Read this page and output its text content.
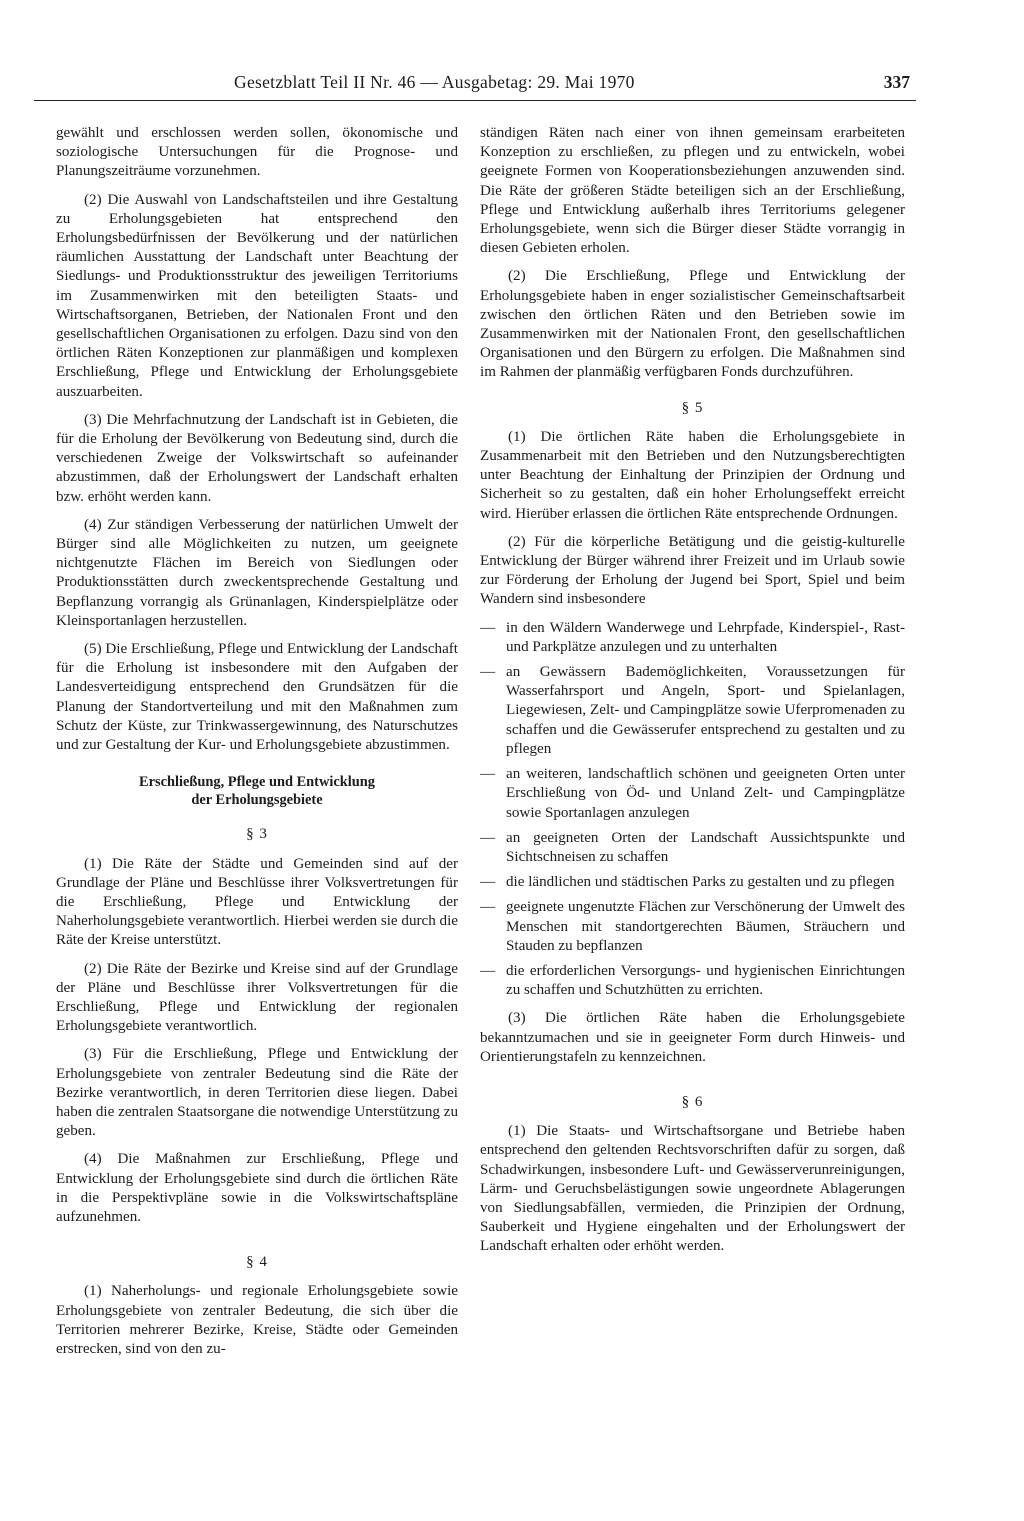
Gesetzblatt Teil II Nr. 46 — Ausgabetag: 29. Mai 1970	337

gewählt und erschlossen werden sollen, ökonomische und soziologische Untersuchungen für die Prognose- und Planungszeiträume vorzunehmen.

(2) Die Auswahl von Landschaftsteilen und ihre Gestaltung zu Erholungsgebieten hat entsprechend den Erholungsbedürfnissen der Bevölkerung und der natürlichen räumlichen Ausstattung der Landschaft unter Beachtung der Siedlungs- und Produktionsstruktur des jeweiligen Territoriums im Zusammenwirken mit den beteiligten Staats- und Wirtschaftsorganen, Betrieben, der Nationalen Front und den gesellschaftlichen Organisationen zu erfolgen. Dazu sind von den örtlichen Räten Konzeptionen zur planmäßigen und komplexen Erschließung, Pflege und Entwicklung der Erholungsgebiete auszuarbeiten.

(3) Die Mehrfachnutzung der Landschaft ist in Gebieten, die für die Erholung der Bevölkerung von Bedeutung sind, durch die verschiedenen Zweige der Volkswirtschaft so aufeinander abzustimmen, daß der Erholungswert der Landschaft erhalten bzw. erhöht werden kann.

(4) Zur ständigen Verbesserung der natürlichen Umwelt der Bürger sind alle Möglichkeiten zu nutzen, um geeignete nichtgenutzte Flächen im Bereich von Siedlungen oder Produktionsstätten durch zweckentsprechende Gestaltung und Bepflanzung vorrangig als Grünanlagen, Kinderspielplätze oder Kleinsportanlagen herzustellen.

(5) Die Erschließung, Pflege und Entwicklung der Landschaft für die Erholung ist insbesondere mit den Aufgaben der Landesverteidigung entsprechend den Grundsätzen für die Planung der Standortverteilung und mit den Maßnahmen zum Schutz der Küste, zur Trinkwassergewinnung, des Naturschutzes und zur Gestaltung der Kur- und Erholungsgebiete abzustimmen.

Erschließung, Pflege und Entwicklung
der Erholungsgebiete
§ 3

(1) Die Räte der Städte und Gemeinden sind auf der Grundlage der Pläne und Beschlüsse ihrer Volksvertretungen für die Erschließung, Pflege und Entwicklung der Naherholungsgebiete verantwortlich. Hierbei werden sie durch die Räte der Kreise unterstützt.

(2) Die Räte der Bezirke und Kreise sind auf der Grundlage der Pläne und Beschlüsse ihrer Volksvertretungen für die Erschließung, Pflege und Entwicklung der regionalen Erholungsgebiete verantwortlich.

(3) Für die Erschließung, Pflege und Entwicklung der Erholungsgebiete von zentraler Bedeutung sind die Räte der Bezirke verantwortlich, in deren Territorien diese liegen. Dabei haben die zentralen Staatsorgane die notwendige Unterstützung zu geben.

(4) Die Maßnahmen zur Erschließung, Pflege und Entwicklung der Erholungsgebiete sind durch die örtlichen Räte in die Perspektivpläne sowie in die Volkswirtschaftspläne aufzunehmen.

§ 4

(1) Naherholungs- und regionale Erholungsgebiete sowie Erholungsgebiete von zentraler Bedeutung, die sich über die Territorien mehrerer Bezirke, Kreise, Städte oder Gemeinden erstrecken, sind von den zu-

ständigen Räten nach einer von ihnen gemeinsam erarbeiteten Konzeption zu erschließen, zu pflegen und zu entwickeln, wobei geeignete Formen von Kooperationsbeziehungen anzuwenden sind. Die Räte der größeren Städte beteiligen sich an der Erschließung, Pflege und Entwicklung außerhalb ihres Territoriums gelegener Erholungsgebiete, wenn sich die Bürger dieser Städte vorrangig in diesen Gebieten erholen.

(2) Die Erschließung, Pflege und Entwicklung der Erholungsgebiete haben in enger sozialistischer Gemeinschaftsarbeit zwischen den örtlichen Räten und den Betrieben sowie im Zusammenwirken mit der Nationalen Front, den gesellschaftlichen Organisationen und den Bürgern zu erfolgen. Die Maßnahmen sind im Rahmen der planmäßig verfügbaren Fonds durchzuführen.

§ 5

(1) Die örtlichen Räte haben die Erholungsgebiete in Zusammenarbeit mit den Betrieben und den Nutzungsberechtigten unter Beachtung der Einhaltung der Prinzipien der Ordnung und Sicherheit so zu gestalten, daß ein hoher Erholungseffekt erreicht wird. Hierüber erlassen die örtlichen Räte entsprechende Ordnungen.

(2) Für die körperliche Betätigung und die geistig-kulturelle Entwicklung der Bürger während ihrer Freizeit und im Urlaub sowie zur Förderung der Erholung der Jugend bei Sport, Spiel und beim Wandern sind insbesondere

— in den Wäldern Wanderwege und Lehrpfade, Kinderspiel-, Rast- und Parkplätze anzulegen und zu unterhalten
— an Gewässern Bademöglichkeiten, Voraussetzungen für Wasserfahrsport und Angeln, Sport- und Spielanlagen, Liegewiesen, Zelt- und Campingplätze sowie Uferpromenaden zu schaffen und die Gewässerufer entsprechend zu gestalten und zu pflegen
— an weiteren, landschaftlich schönen und geeigneten Orten unter Erschließung von Öd- und Unland Zelt- und Campingplätze sowie Sportanlagen anzulegen
— an geeigneten Orten der Landschaft Aussichtspunkte und Sichtschneisen zu schaffen
— die ländlichen und städtischen Parks zu gestalten und zu pflegen
— geeignete ungenutzte Flächen zur Verschönerung der Umwelt des Menschen mit standortgerechten Bäumen, Sträuchern und Stauden zu bepflanzen
— die erforderlichen Versorgungs- und hygienischen Einrichtungen zu schaffen und Schutzhütten zu errichten.

(3) Die örtlichen Räte haben die Erholungsgebiete bekanntzumachen und sie in geeigneter Form durch Hinweis- und Orientierungstafeln zu kennzeichnen.

§ 6

(1) Die Staats- und Wirtschaftsorgane und Betriebe haben entsprechend den geltenden Rechtsvorschriften dafür zu sorgen, daß Schadwirkungen, insbesondere Luft- und Gewässerverunreinigungen, Lärm- und Geruchsbelästigungen sowie ungeordnete Ablagerungen von Siedlungsabfällen, vermieden, die Prinzipien der Ordnung, Sauberkeit und Hygiene eingehalten und der Erholungswert der Landschaft erhalten oder erhöht werden.
